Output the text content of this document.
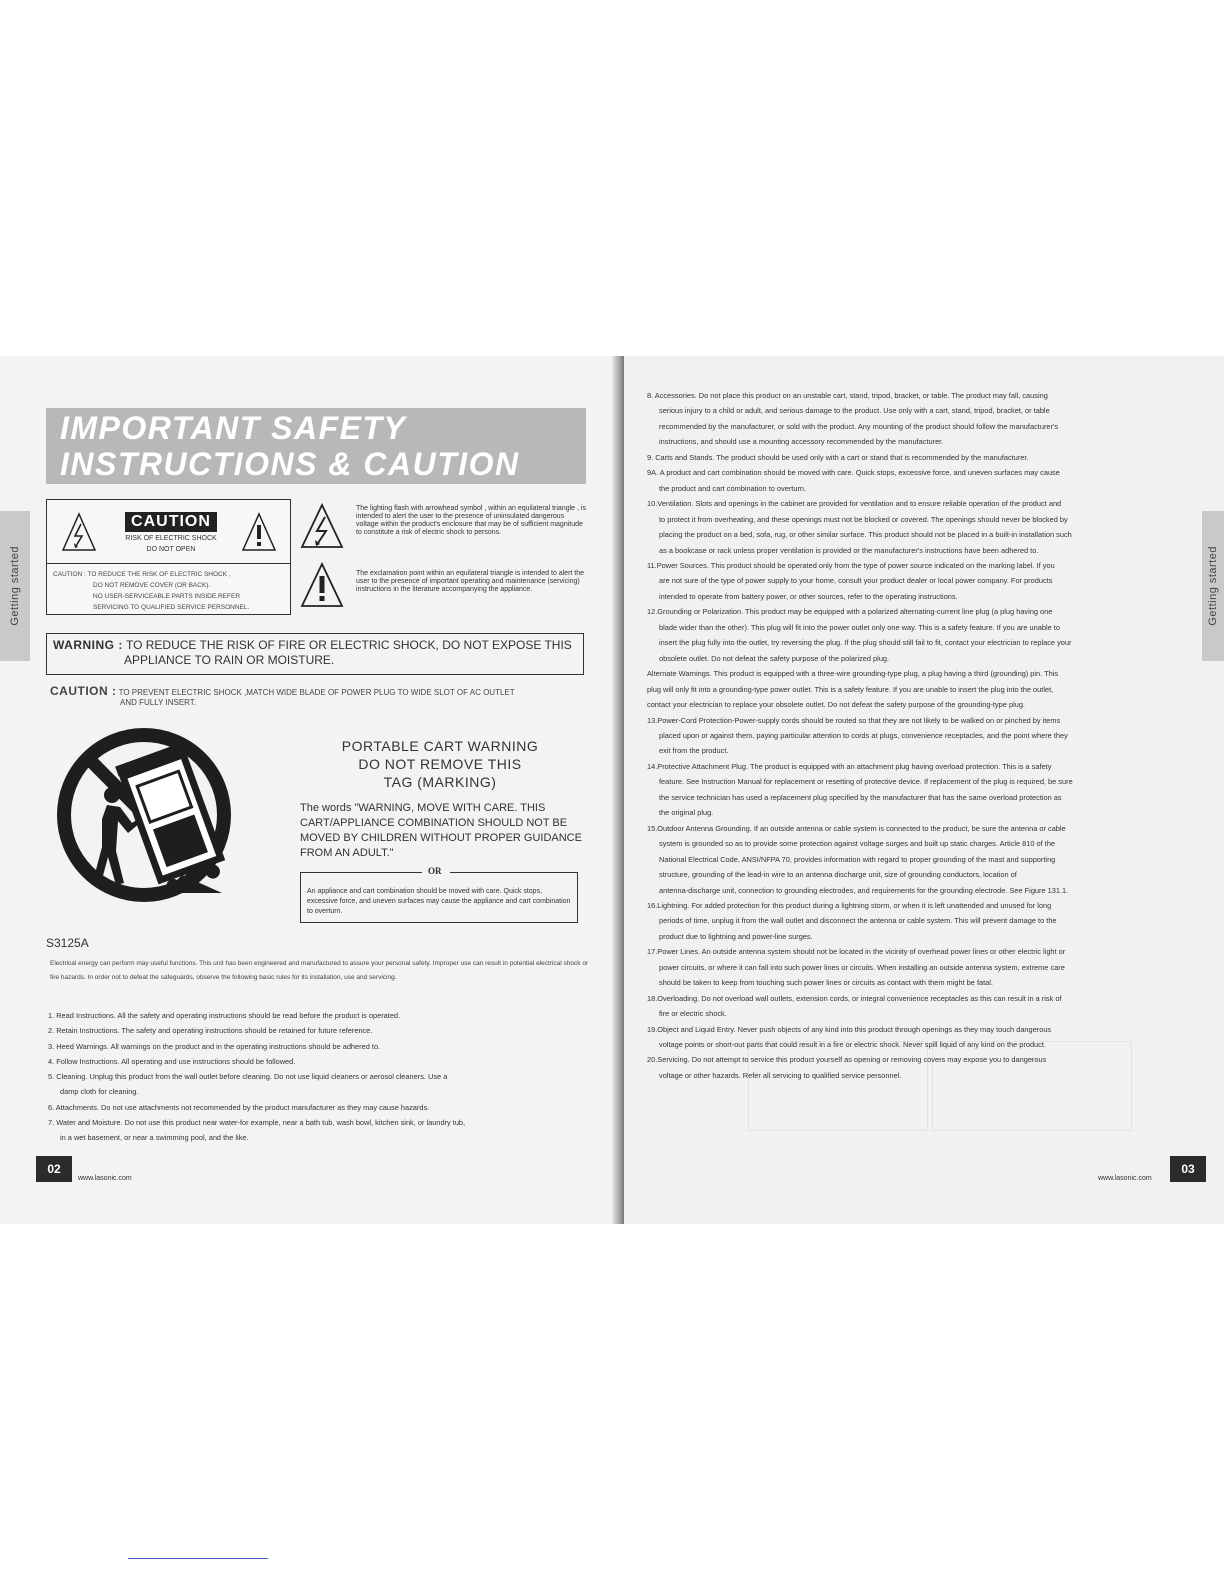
IMPORTANT SAFETY
INSTRUCTIONS & CAUTION
Getting started
CAUTION
RISK OF ELECTRIC SHOCK
DO NOT OPEN
CAUTION : TO REDUCE THE RISK OF ELECTRIC SHOCK ,
DO NOT REMOVE COVER (OR BACK).
NO USER-SERVICEABLE PARTS INSIDE.REFER
SERVICING TO QUALIFIED SERVICE PERSONNEL.

The lighting flash with arrowhead symbol , within an equilateral triangle , is intended to alert the user to the presence of uninsulated dangerous voltage within the product's enclosure that may be of sufficient magnitude to constitute a risk of electric shock to persons.

The exclamation point within an equilateral triangle is intended to alert the user to the presence of important operating and maintenance (servicing) instructions in the literature accompanying the appliance.

WARNING : TO REDUCE THE RISK OF FIRE OR ELECTRIC SHOCK, DO NOT EXPOSE THIS
APPLIANCE TO RAIN OR MOISTURE.
CAUTION : TO PREVENT ELECTRIC SHOCK ,MATCH WIDE BLADE OF POWER PLUG TO WIDE SLOT OF AC OUTLET
AND FULLY INSERT.
PORTABLE CART WARNING
DO NOT REMOVE THIS
TAG (MARKING)
The words "WARNING, MOVE WITH CARE. THIS CART/APPLIANCE COMBINATION SHOULD NOT BE MOVED BY CHILDREN WITHOUT PROPER GUIDANCE FROM AN ADULT."
OR
An appliance and cart combination should be moved with care. Quick stops, excessive force, and uneven surfaces may cause the appliance and cart combination to overturn.
S3125A
Electrical energy can perform may useful functions. This unit has been engineered and manufactured to assure your personal safety. Improper use can result in potential electrical shock or fire hazards. In order not to defeat the safeguards, observe the following basic rules for its installation, use and servicing.

1. Read Instructions. All the safety and operating instructions should be read before the product is operated.

2. Retain Instructions. The safety and operating instructions should be retained for future reference.

3. Heed Warnings. All warnings on the product and in the operating instructions should be adhered to.

4. Follow Instructions. All operating and use instructions should be followed.

5. Cleaning. Unplug this product from the wall outlet before cleaning. Do not use liquid cleaners or aerosol cleaners. Use a

damp cloth for cleaning.

6. Attachments. Do not use attachments not recommended by the product manufacturer as they may cause hazards.

7. Water and Moisture. Do not use this product near water-for example, near a bath tub, wash bowl, kitchen sink, or laundry tub,

in a wet basement, or near a swimming pool, and the like.

02
www.lasonic.com
Getting started
03
www.lasonic.com

8. Accessories. Do not place this product on an unstable cart, stand, tripod, bracket, or table. The product may fall, causing

serious injury to a child or adult, and serious damage to the product. Use only with a cart, stand, tripod, bracket, or table

recommended by the manufacturer, or sold with the product. Any mounting of the product should follow the manufacturer's

instructions, and should use a mounting accessory recommended by the manufacturer.

9. Carts and Stands. The product should be used only with a cart or stand that is recommended by the manufacturer.

9A. A product and cart combination should be moved with care. Quick stops, excessive force, and uneven surfaces may cause

the product and cart combination to overturn.

10.Ventilation. Slots and openings in the cabinet are provided for ventilation and to ensure reliable operation of the product and

to protect it from overheating, and these openings must not be blocked or covered. The openings should never be blocked by

placing the product on a bed, sofa, rug, or other similar surface. This product should not be placed in a built-in installation such

as a bookcase or rack unless proper ventilation is provided or the manufacturer's instructions have been adhered to.

11.Power Sources. This product should be operated only from the type of power source indicated on the marking label. If you

are not sure of the type of power supply to your home, consult your product dealer or local power company. For products

intended to operate from battery power, or other sources, refer to the operating instructions.

12.Grounding or Polarization. This product may be equipped with a polarized alternating-current line plug (a plug having one

blade wider than the other). This plug will fit into the power outlet only one way. This is a safety feature. If you are unable to

insert the plug fully into the outlet, try reversing the plug. If the plug should still fail to fit, contact your electrician to replace your

obsolete outlet. Do not defeat the safety purpose of the polarized plug.

Alternate Warnings. This product is equipped with a three-wire grounding-type plug, a plug having a third (grounding) pin. This

plug will only fit into a grounding-type power outlet. This is a safety feature. If you are unable to insert the plug into the outlet,

contact your electrician to replace your obsolete outlet. Do not defeat the safety purpose of the grounding-type plug.

13.Power-Cord Protection-Power-supply cords should be routed so that they are not likely to be walked on or pinched by items

placed upon or against them, paying particular attention to cords at plugs, convenience receptacles, and the point where they

exit from the product.

14.Protective Attachment Plug. The product is equipped with an attachment plug having overload protection. This is a safety

feature. See Instruction Manual for replacement or resetting of protective device. If replacement of the plug is required, be sure

the service technician has used a replacement plug specified by the manufacturer that has the same overload protection as

the original plug.

15.Outdoor Antenna Grounding. If an outside antenna or cable system is connected to the product, be sure the antenna or cable

system is grounded so as to provide some protection against voltage surges and built up static charges. Article 810 of the

National Electrical Code, ANSI/NFPA 70, provides information with regard to proper grounding of the mast and supporting

structure, grounding of the lead-in wire to an antenna discharge unit, size of grounding conductors, location of

antenna-discharge unit, connection to grounding electrodes, and requirements for the grounding electrode. See Figure 131.1.

16.Lightning. For added protection for this product during a lightning storm, or when it is left unattended and unused for long

periods of time, unplug it from the wall outlet and disconnect the antenna or cable system. This will prevent damage to the

product due to lightning and power-line surges.

17.Power Lines. An outside antenna system should not be located in the vicinity of overhead power lines or other electric light or

power circuits, or where it can fall into such power lines or circuits. When installing an outside antenna system, extreme care

should be taken to keep from touching such power lines or circuits as contact with them might be fatal.

18.Overloading. Do not overload wall outlets, extension cords, or integral convenience receptacles as this can result in a risk of

fire or electric shock.

19.Object and Liquid Entry. Never push objects of any kind into this product through openings as they may touch dangerous

voltage points or short-out parts that could result in a fire or electric shock. Never spill liquid of any kind on the product.

20.Servicing. Do not attempt to service this product yourself as opening or removing covers may expose you to dangerous

voltage or other hazards. Refer all servicing to qualified service personnel.
